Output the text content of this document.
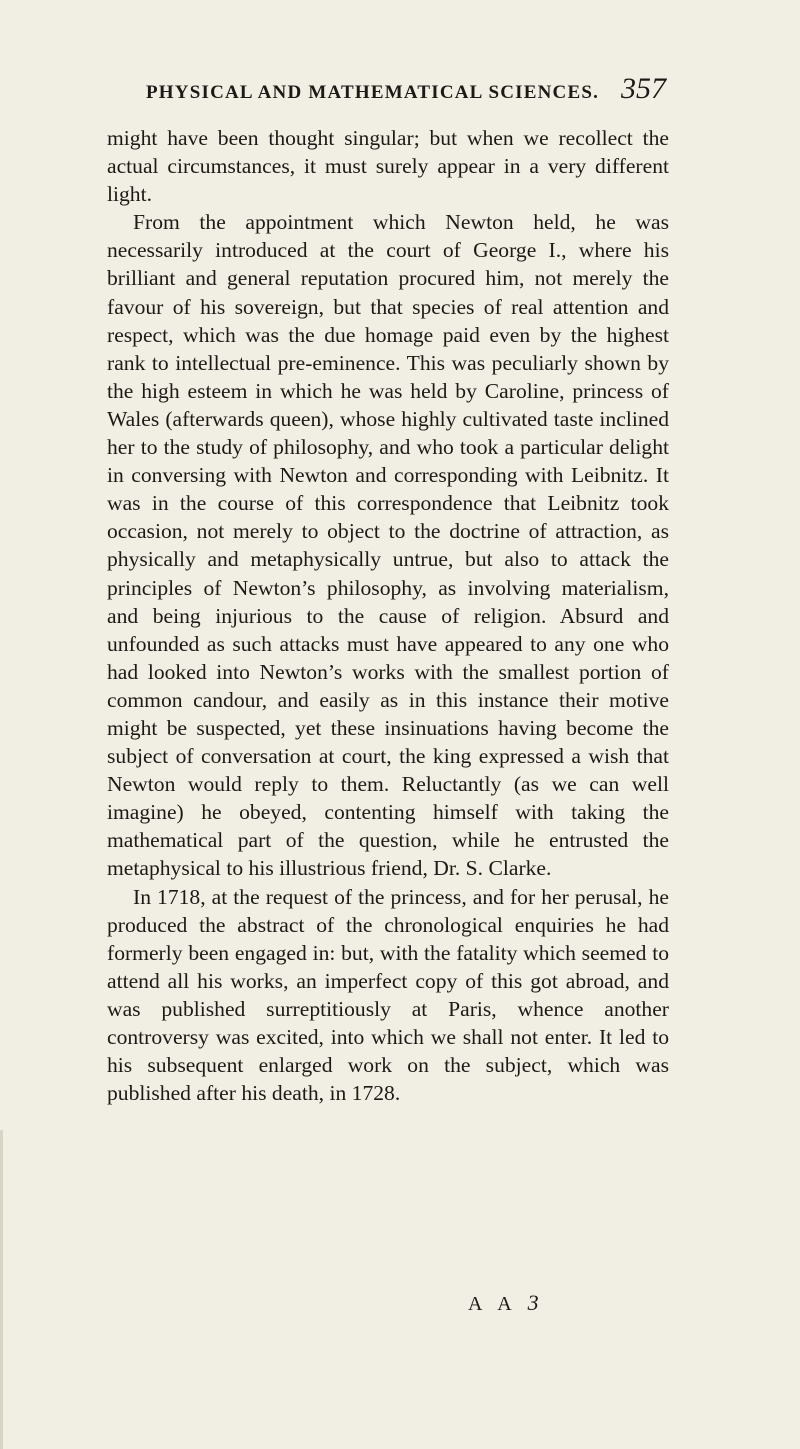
PHYSICAL AND MATHEMATICAL SCIENCES. 357

might have been thought singular; but when we recollect the actual circumstances, it must surely appear in a very different light.

From the appointment which Newton held, he was necessarily introduced at the court of George I., where his brilliant and general reputation procured him, not merely the favour of his sovereign, but that species of real attention and respect, which was the due homage paid even by the highest rank to intellectual pre-eminence. This was peculiarly shown by the high esteem in which he was held by Caroline, princess of Wales (afterwards queen), whose highly cultivated taste inclined her to the study of philosophy, and who took a particular delight in conversing with Newton and corresponding with Leibnitz. It was in the course of this correspondence that Leibnitz took occasion, not merely to object to the doctrine of attraction, as physically and metaphysically untrue, but also to attack the principles of Newton’s philosophy, as involving materialism, and being injurious to the cause of religion. Absurd and unfounded as such attacks must have appeared to any one who had looked into Newton’s works with the smallest portion of common candour, and easily as in this instance their motive might be suspected, yet these insinuations having become the subject of conversation at court, the king expressed a wish that Newton would reply to them. Reluctantly (as we can well imagine) he obeyed, contenting himself with taking the mathematical part of the question, while he entrusted the metaphysical to his illustrious friend, Dr. S. Clarke.

In 1718, at the request of the princess, and for her perusal, he produced the abstract of the chronological enquiries he had formerly been engaged in: but, with the fatality which seemed to attend all his works, an imperfect copy of this got abroad, and was published surreptitiously at Paris, whence another controversy was excited, into which we shall not enter. It led to his subsequent enlarged work on the subject, which was published after his death, in 1728.

A A 3
